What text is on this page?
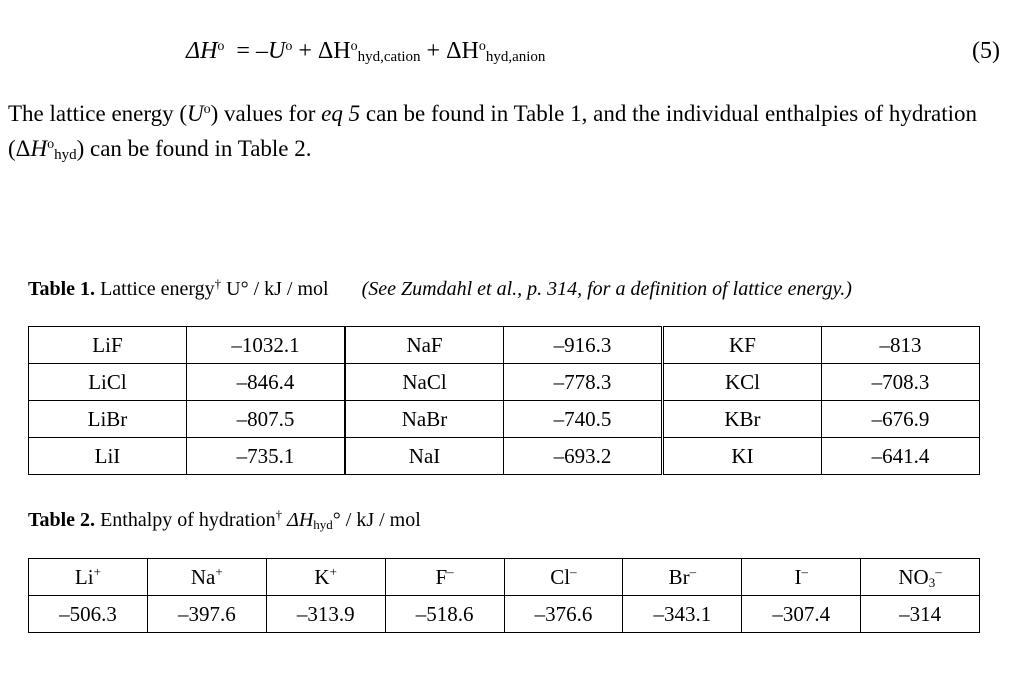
$\Delta H^o = -U^o + \Delta H^o_{hyd,cation} + \Delta H^o_{hyd,anion}$	(5)
The lattice energy $(U^o)$ values for eq 5 can be found in Table 1, and the individual enthalpies of hydration $(\Delta H^o_{hyd})$ can be found in Table 2.
Table 1. Lattice energy† U° / kJ / mol (See Zumdahl et al., p. 314, for a definition of lattice energy.)
LiF	–1032.1	NaF	–916.3	KF	–813
LiCl	–846.4	NaCl	–778.3	KCl	–708.3
LiBr	–807.5	NaBr	–740.5	KBr	–676.9
LiI	–735.1	NaI	–693.2	KI	–641.4
Table 2. Enthalpy of hydration† $\Delta H_{hyd}^\circ$ / kJ / mol
Li+	Na+	K+	F–	Cl–	Br–	I–	$NO_3^-$
–506.3	–397.6	–313.9	–518.6	–376.6	–343.1	–307.4	–314
